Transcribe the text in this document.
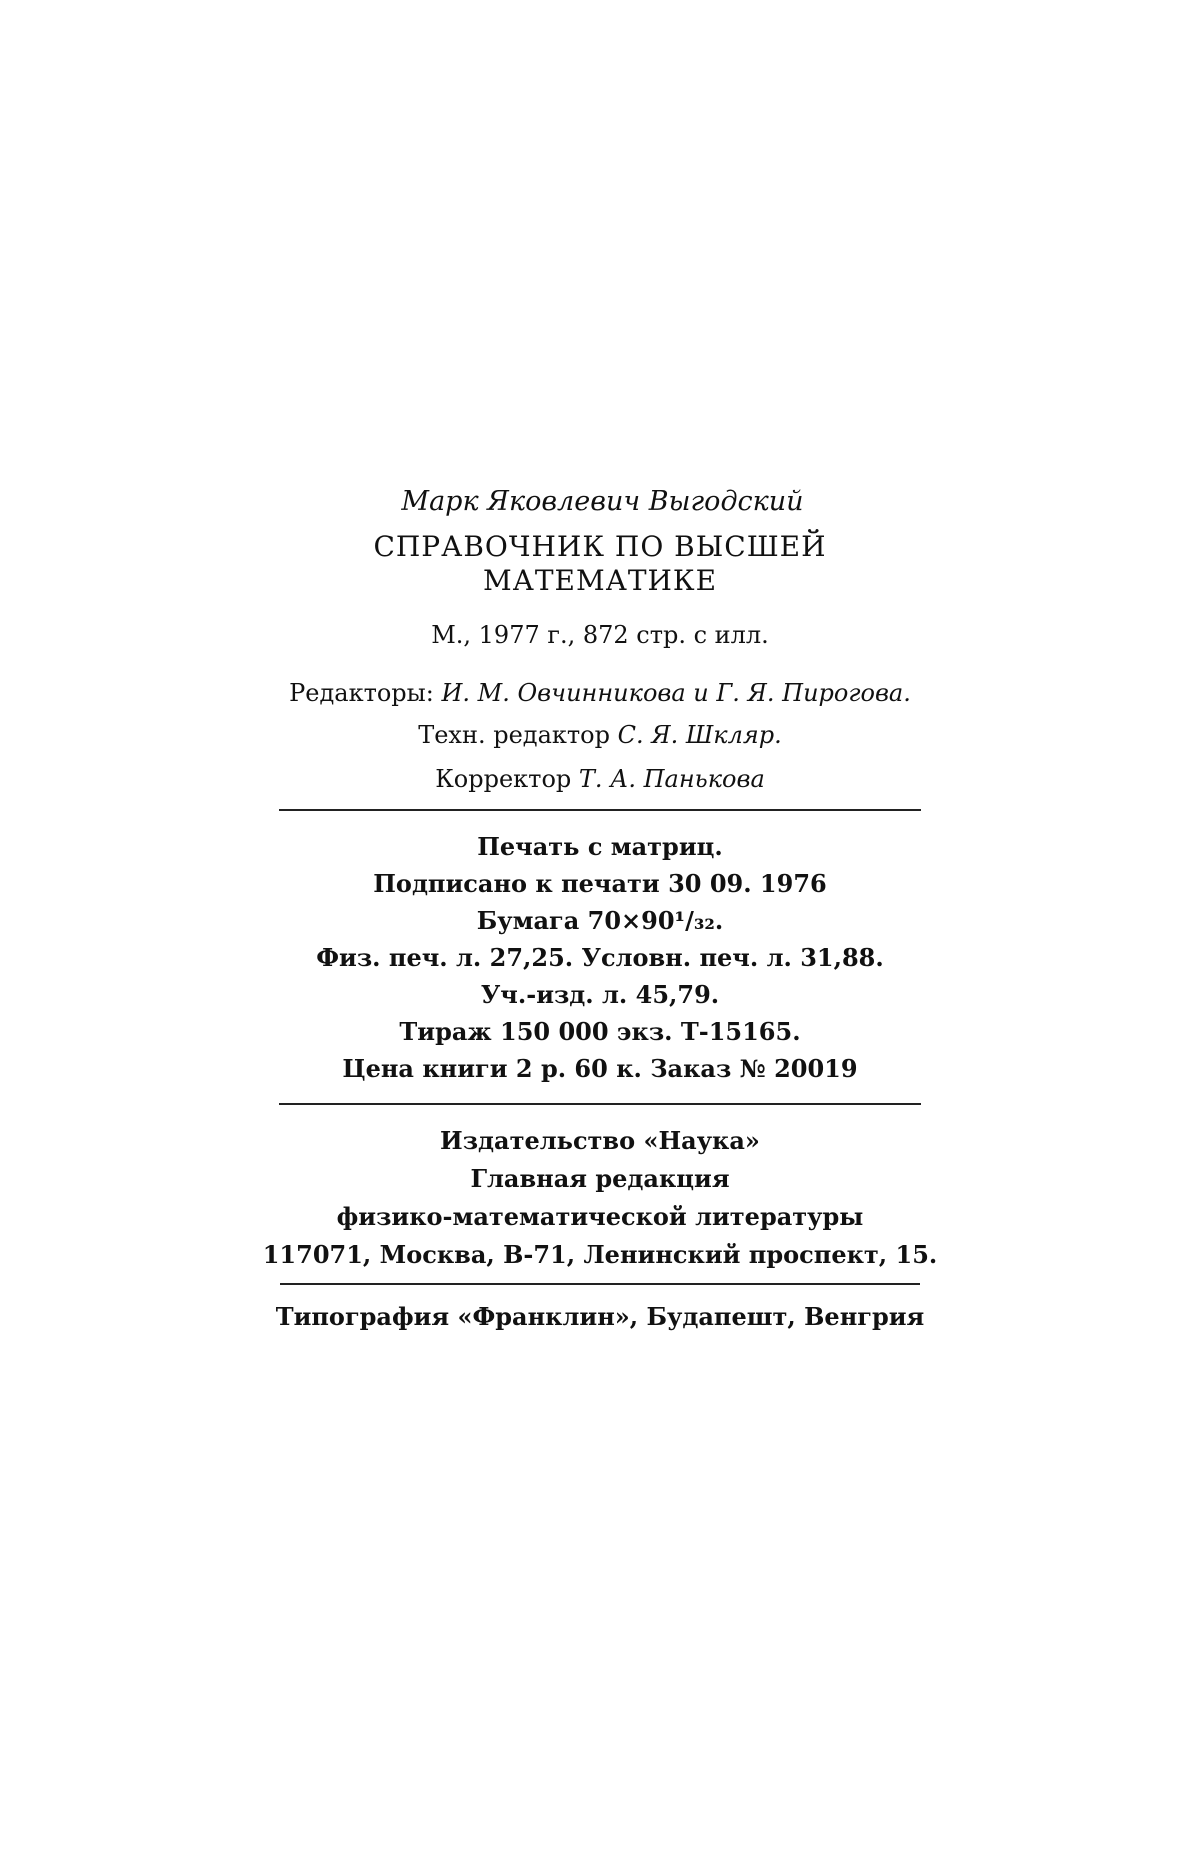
Марк Яковлевич Выгодский
СПРАВОЧНИК ПО ВЫСШЕЙ
МАТЕМАТИКЕ
М., 1977 г., 872 стр. с илл.
Редакторы: И. М. Овчинникова и Г. Я. Пирогова.
Техн. редактор С. Я. Шкляр.
Корректор Т. А. Панькова
Печать с матриц.
Подписано к печати 30 09. 1976
Бумага 70×90¹/₃₂.
Физ. печ. л. 27,25. Условн. печ. л. 31,88.
Уч.-изд. л. 45,79.
Тираж 150 000 экз. Т-15165.
Цена книги 2 р. 60 к. Заказ № 20019
Издательство «Наука»
Главная редакция
физико-математической литературы
117071, Москва, В-71, Ленинский проспект, 15.
Типография «Франклин», Будапешт, Венгрия
